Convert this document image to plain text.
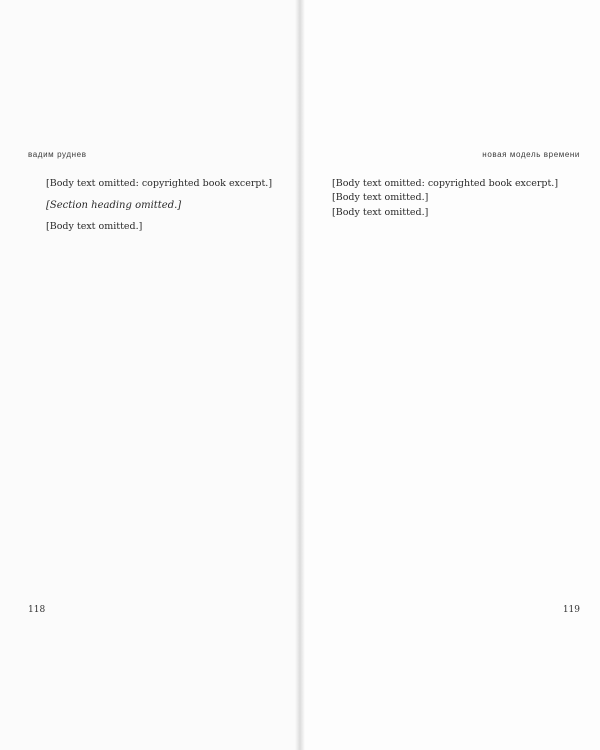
вадим руднев

[Body text omitted: copyrighted book excerpt.]

[Section heading omitted.]

[Body text omitted.]

118
новая модель времени

[Body text omitted: copyrighted book excerpt.]

[Body text omitted.]

[Body text omitted.]

119
